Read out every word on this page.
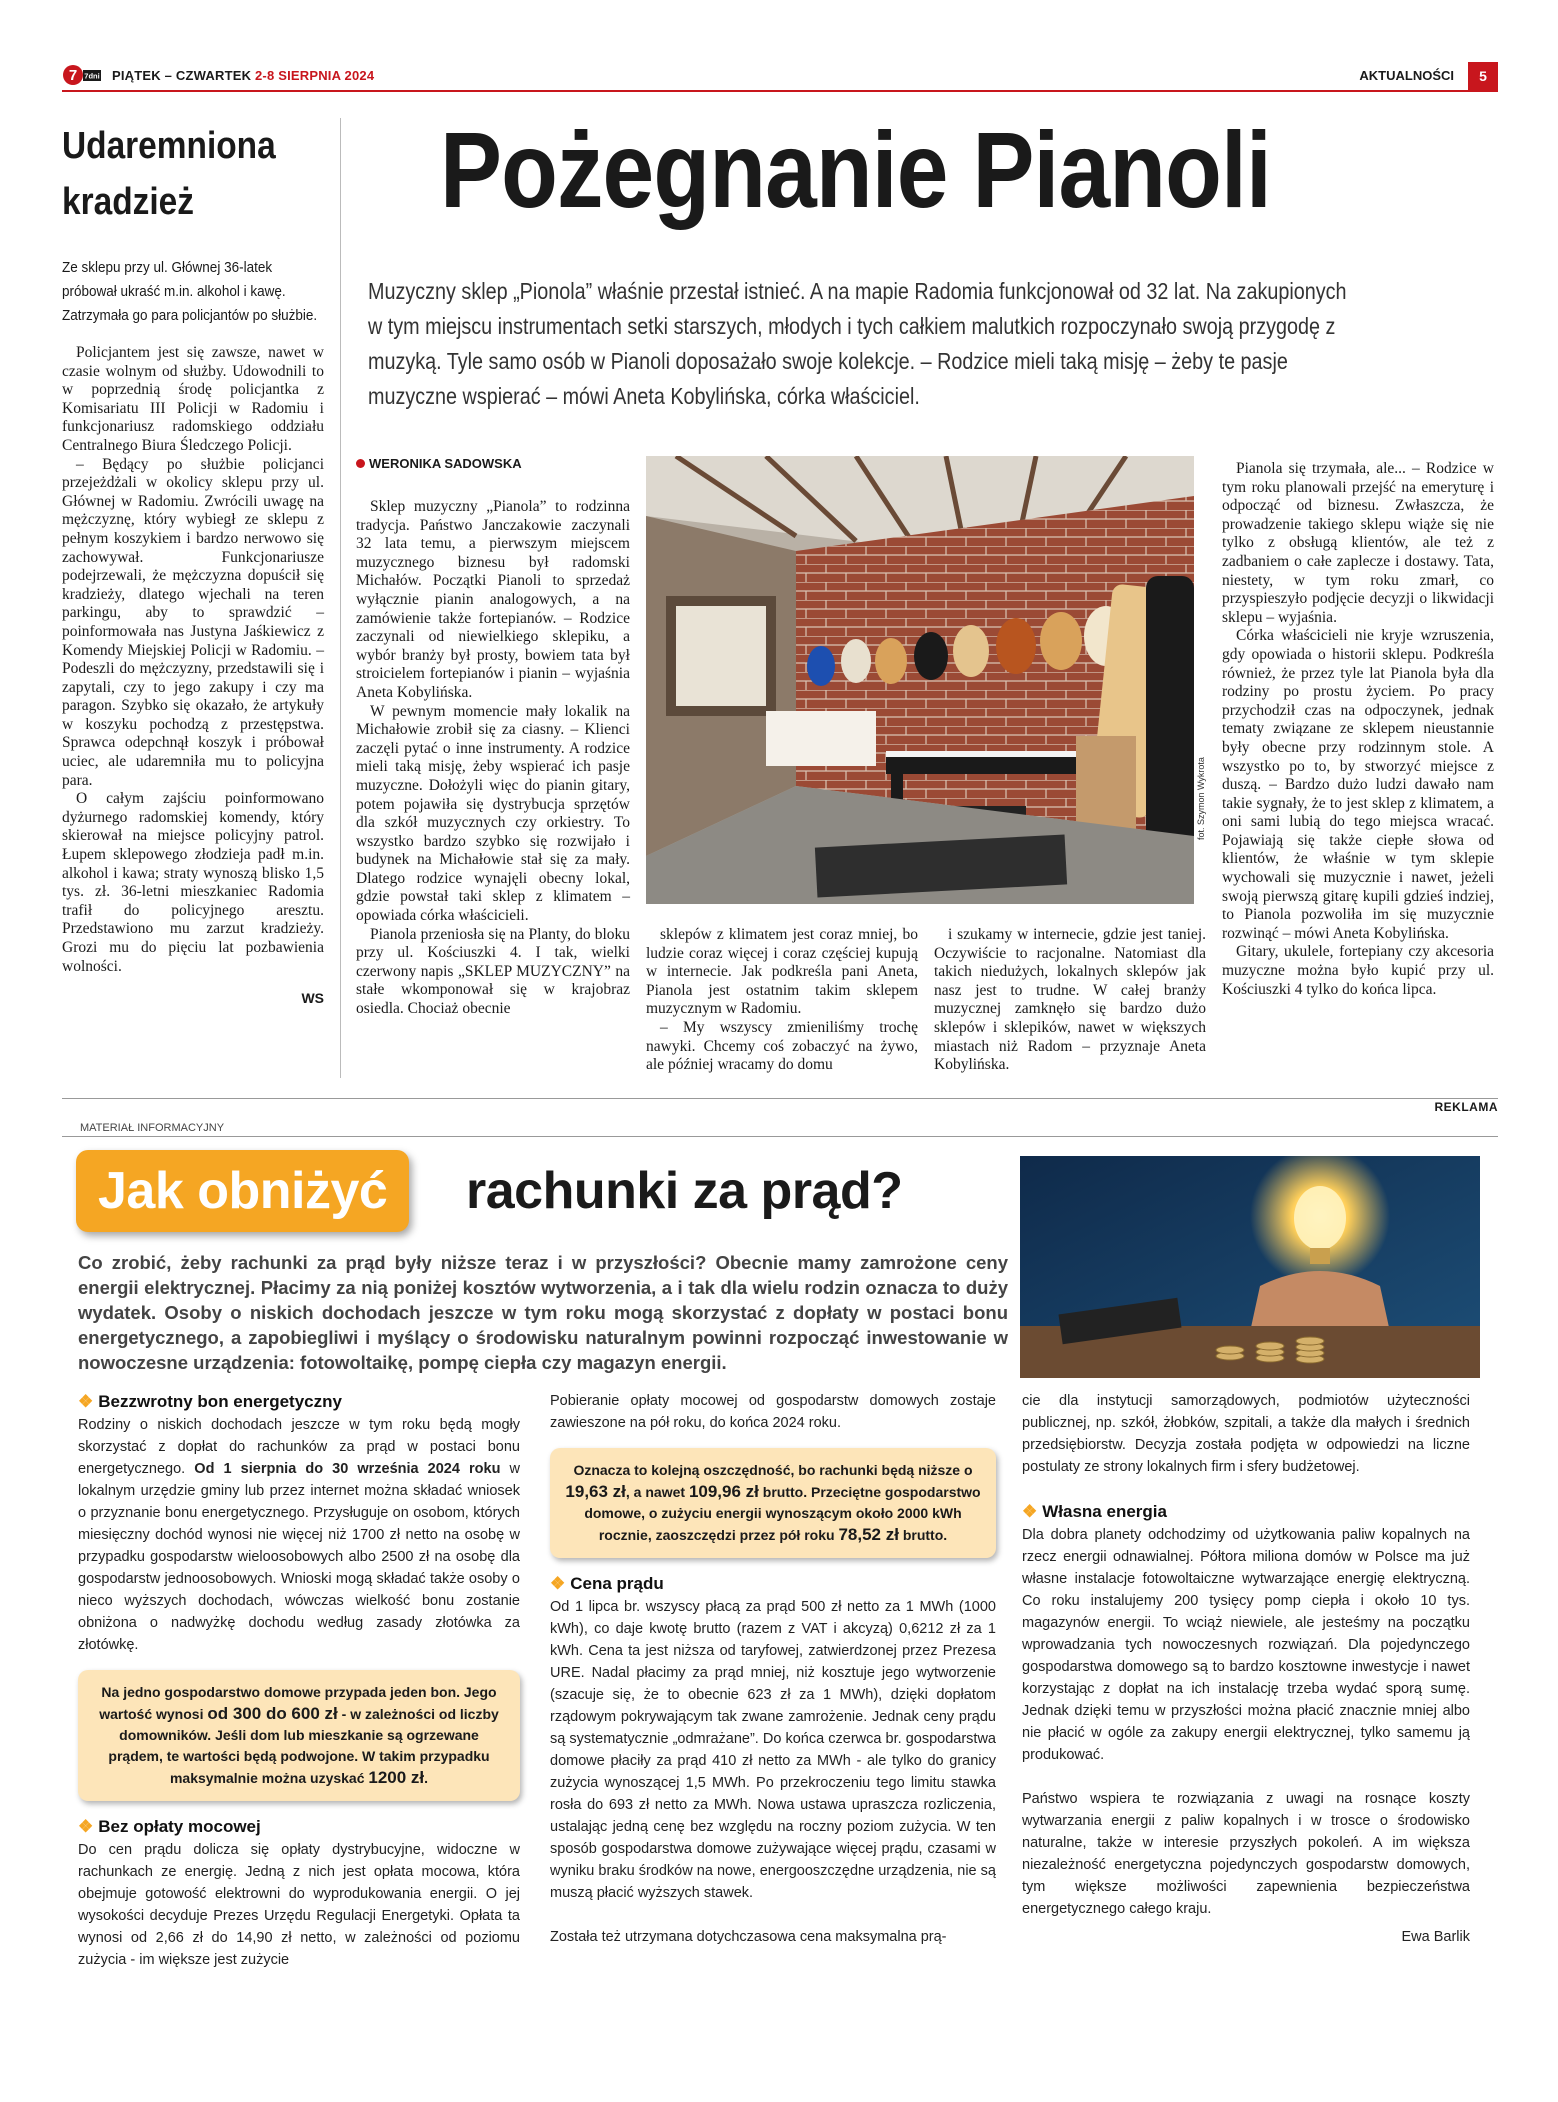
7 7dni PIĄTEK – CZWARTEK 2-8 SIERPNIA 2024	AKTUALNOŚCI	5
Udaremniona
kradzież
Ze sklepu przy ul. Głównej 36-latek próbował ukraść m.in. alkohol i kawę. Zatrzymała go para policjantów po służbie.

Policjantem jest się zawsze, nawet w czasie wolnym od służby. Udowodnili to w poprzednią środę policjantka z Komisariatu III Policji w Radomiu i funkcjonariusz radomskiego oddziału Centralnego Biura Śledczego Policji.

– Będący po służbie policjanci przejeżdżali w okolicy sklepu przy ul. Głównej w Radomiu. Zwrócili uwagę na mężczyznę, który wybiegł ze sklepu z pełnym koszykiem i bardzo nerwowo się zachowywał. Funkcjonariusze podejrzewali, że mężczyzna dopuścił się kradzieży, dlatego wjechali na teren parkingu, aby to sprawdzić – poinformowała nas Justyna Jaśkiewicz z Komendy Miejskiej Policji w Radomiu. – Podeszli do mężczyzny, przedstawili się i zapytali, czy to jego zakupy i czy ma paragon. Szybko się okazało, że artykuły w koszyku pochodzą z przestępstwa. Sprawca odepchnął koszyk i próbował uciec, ale udaremniła mu to policyjna para.

O całym zajściu poinformowano dyżurnego radomskiej komendy, który skierował na miejsce policyjny patrol. Łupem sklepowego złodzieja padł m.in. alkohol i kawa; straty wynoszą blisko 1,5 tys. zł. 36-letni mieszkaniec Radomia trafił do policyjnego aresztu. Przedstawiono mu zarzut kradzieży. Grozi mu do pięciu lat pozbawienia wolności.

WS
Pożegnanie Pianoli
Muzyczny sklep „Pionola” właśnie przestał istnieć. A na mapie Radomia funkcjonował od 32 lat. Na zakupionych w tym miejscu instrumentach setki starszych, młodych i tych całkiem malutkich rozpoczynało swoją przygodę z muzyką. Tyle samo osób w Pianoli doposażało swoje kolekcje. – Rodzice mieli taką misję – żeby te pasje muzyczne wspierać – mówi Aneta Kobylińska, córka właściciel.
WERONIKA SADOWSKA

Sklep muzyczny „Pianola” to rodzinna tradycja. Państwo Janczakowie zaczynali 32 lata temu, a pierwszym miejscem muzycznego biznesu był radomski Michałów. Początki Pianoli to sprzedaż wyłącznie pianin analogowych, a na zamówienie także fortepianów. – Rodzice zaczynali od niewielkiego sklepiku, a wybór branży był prosty, bowiem tata był stroicielem fortepianów i pianin – wyjaśnia Aneta Kobylińska.

W pewnym momencie mały lokalik na Michałowie zrobił się za ciasny. – Klienci zaczęli pytać o inne instrumenty. A rodzice mieli taką misję, żeby wspierać ich pasje muzyczne. Dołożyli więc do pianin gitary, potem pojawiła się dystrybucja sprzętów dla szkół muzycznych czy orkiestry. To wszystko bardzo szybko się rozwijało i budynek na Michałowie stał się za mały. Dlatego rodzice wynajęli obecny lokal, gdzie powstał taki sklep z klimatem – opowiada córka właścicieli.

Pianola przeniosła się na Planty, do bloku przy ul. Kościuszki 4. I tak, wielki czerwony napis „SKLEP MUZYCZNY” na stałe wkomponował się w krajobraz osiedla. Chociaż obecnie

fot. Szymon Wykrota

sklepów z klimatem jest coraz mniej, bo ludzie coraz więcej i coraz częściej kupują w internecie. Jak podkreśla pani Aneta, Pianola jest ostatnim takim sklepem muzycznym w Radomiu.

– My wszyscy zmieniliśmy trochę nawyki. Chcemy coś zobaczyć na żywo, ale później wracamy do domu

i szukamy w internecie, gdzie jest taniej. Oczywiście to racjonalne. Natomiast dla takich niedużych, lokalnych sklepów jak nasz jest to trudne. W całej branży muzycznej zamknęło się bardzo dużo sklepów i sklepików, nawet w większych miastach niż Radom – przyznaje Aneta Kobylińska.

Pianola się trzymała, ale... – Rodzice w tym roku planowali przejść na emeryturę i odpocząć od biznesu. Zwłaszcza, że prowadzenie takiego sklepu wiąże się nie tylko z obsługą klientów, ale też z zadbaniem o całe zaplecze i dostawy. Tata, niestety, w tym roku zmarł, co przyspieszyło podjęcie decyzji o likwidacji sklepu – wyjaśnia.

Córka właścicieli nie kryje wzruszenia, gdy opowiada o historii sklepu. Podkreśla również, że przez tyle lat Pianola była dla rodziny po prostu życiem. Po pracy przychodził czas na odpoczynek, jednak tematy związane ze sklepem nieustannie były obecne przy rodzinnym stole. A wszystko po to, by stworzyć miejsce z duszą. – Bardzo dużo ludzi dawało nam takie sygnały, że to jest sklep z klimatem, a oni sami lubią do tego miejsca wracać. Pojawiają się także ciepłe słowa od klientów, że właśnie w tym sklepie wychowali się muzycznie i nawet, jeżeli swoją pierwszą gitarę kupili gdzieś indziej, to Pianola pozwoliła im się muzycznie rozwinąć – mówi Aneta Kobylińska.

Gitary, ukulele, fortepiany czy akcesoria muzyczne można było kupić przy ul. Kościuszki 4 tylko do końca lipca.

REKLAMA
MATERIAŁ INFORMACYJNY
Jak obniżyć	rachunki za prąd?
Co zrobić, żeby rachunki za prąd były niższe teraz i w przyszłości? Obecnie mamy zamrożone ceny energii elektrycznej. Płacimy za nią poniżej kosztów wytworzenia, a i tak dla wielu rodzin oznacza to duży wydatek. Osoby o niskich dochodach jeszcze w tym roku mogą skorzystać z dopłaty w postaci bonu energetycznego, a zapobiegliwi i myślący o środowisku naturalnym powinni rozpocząć inwestowanie w nowoczesne urządzenia: fotowoltaikę, pompę ciepła czy magazyn energii.
❖ Bezzwrotny bon energetyczny

Rodziny o niskich dochodach jeszcze w tym roku będą mogły skorzystać z dopłat do rachunków za prąd w postaci bonu energetycznego. Od 1 sierpnia do 30 września 2024 roku w lokalnym urzędzie gminy lub przez internet można składać wniosek o przyznanie bonu energetycznego. Przysługuje on osobom, których miesięczny dochód wynosi nie więcej niż 1700 zł netto na osobę w przypadku gospodarstw wieloosobowych albo 2500 zł na osobę dla gospodarstw jednoosobowych. Wnioski mogą składać także osoby o nieco wyższych dochodach, wówczas wielkość bonu zostanie obniżona o nadwyżkę dochodu według zasady złotówka za złotówkę.

Na jedno gospodarstwo domowe przypada jeden bon. Jego wartość wynosi od 300 do 600 zł - w zależności od liczby domowników. Jeśli dom lub mieszkanie są ogrzewane prądem, te wartości będą podwojone. W takim przypadku maksymalnie można uzyskać 1200 zł.
❖ Bez opłaty mocowej

Do cen prądu dolicza się opłaty dystrybucyjne, widoczne w rachunkach ze energię. Jedną z nich jest opłata mocowa, która obejmuje gotowość elektrowni do wyprodukowania energii. O jej wysokości decyduje Prezes Urzędu Regulacji Energetyki. Opłata ta wynosi od 2,66 zł do 14,90 zł netto, w zależności od poziomu zużycia - im większe jest zużycie

Pobieranie opłaty mocowej od gospodarstw domowych zostaje zawieszone na pół roku, do końca 2024 roku.

Oznacza to kolejną oszczędność, bo rachunki będą niższe o 19,63 zł, a nawet 109,96 zł brutto. Przeciętne gospodarstwo domowe, o zużyciu energii wynoszącym około 2000 kWh rocznie, zaoszczędzi przez pół roku 78,52 zł brutto.
❖ Cena prądu

Od 1 lipca br. wszyscy płacą za prąd 500 zł netto za 1 MWh (1000 kWh), co daje kwotę brutto (razem z VAT i akcyzą) 0,6212 zł za 1 kWh. Cena ta jest niższa od taryfowej, zatwierdzonej przez Prezesa URE. Nadal płacimy za prąd mniej, niż kosztuje jego wytworzenie (szacuje się, że to obecnie 623 zł za 1 MWh), dzięki dopłatom rządowym pokrywającym tak zwane zamrożenie. Jednak ceny prądu są systematycznie „odmrażane”. Do końca czerwca br. gospodarstwa domowe płaciły za prąd 410 zł netto za MWh - ale tylko do granicy zużycia wynoszącej 1,5 MWh. Po przekroczeniu tego limitu stawka rosła do 693 zł netto za MWh. Nowa ustawa upraszcza rozliczenia, ustalając jedną cenę bez względu na roczny poziom zużycia. W ten sposób gospodarstwa domowe zużywające więcej prądu, czasami w wyniku braku środków na nowe, energooszczędne urządzenia, nie są muszą płacić wyższych stawek.

Została też utrzymana dotychczasowa cena maksymalna prą-

cie dla instytucji samorządowych, podmiotów użyteczności publicznej, np. szkół, żłobków, szpitali, a także dla małych i średnich przedsiębiorstw. Decyzja została podjęta w odpowiedzi na liczne postulaty ze strony lokalnych firm i sfery budżetowej.

❖ Własna energia

Dla dobra planety odchodzimy od użytkowania paliw kopalnych na rzecz energii odnawialnej. Półtora miliona domów w Polsce ma już własne instalacje fotowoltaiczne wytwarzające energię elektryczną. Co roku instalujemy 200 tysięcy pomp ciepła i około 10 tys. magazynów energii. To wciąż niewiele, ale jesteśmy na początku wprowadzania tych nowoczesnych rozwiązań. Dla pojedynczego gospodarstwa domowego są to bardzo kosztowne inwestycje i nawet korzystając z dopłat na ich instalację trzeba wydać sporą sumę. Jednak dzięki temu w przyszłości można płacić znacznie mniej albo nie płacić w ogóle za zakupy energii elektrycznej, tylko samemu ją produkować.

Państwo wspiera te rozwiązania z uwagi na rosnące koszty wytwarzania energii z paliw kopalnych i w trosce o środowisko naturalne, także w interesie przyszłych pokoleń. A im większa niezależność energetyczna pojedynczych gospodarstw domowych, tym większe możliwości zapewnienia bezpieczeństwa energetycznego całego kraju.

Ewa Barlik
